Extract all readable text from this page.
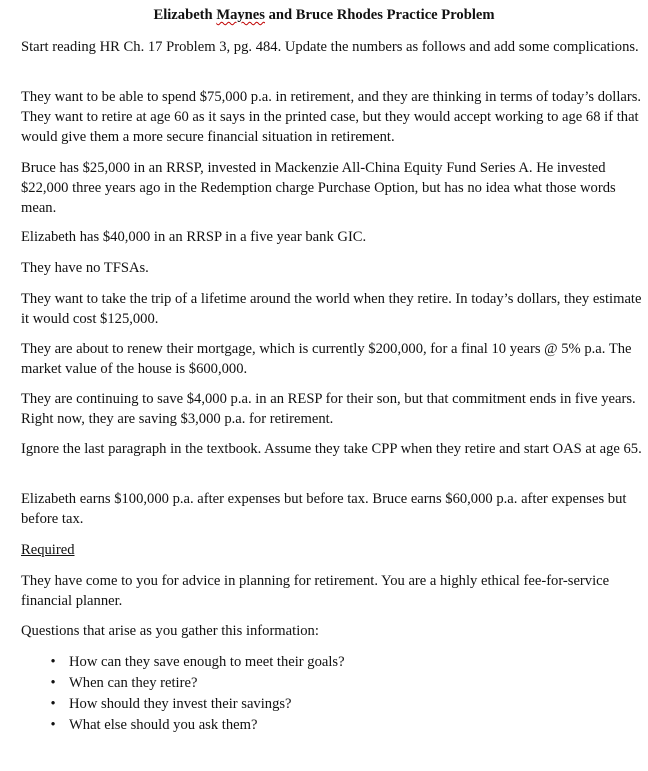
Elizabeth Maynes and Bruce Rhodes Practice Problem

Start reading HR Ch. 17 Problem 3, pg. 484. Update the numbers as follows and add some complications.

They want to be able to spend $75,000 p.a. in retirement, and they are thinking in terms of today’s dollars. They want to retire at age 60 as it says in the printed case, but they would accept working to age 68 if that would give them a more secure financial situation in retirement.

Bruce has $25,000 in an RRSP, invested in Mackenzie All-China Equity Fund Series A. He invested $22,000 three years ago in the Redemption charge Purchase Option, but has no idea what those words mean.

Elizabeth has $40,000 in an RRSP in a five year bank GIC.

They have no TFSAs.

They want to take the trip of a lifetime around the world when they retire. In today’s dollars, they estimate it would cost $125,000.

They are about to renew their mortgage, which is currently $200,000, for a final 10 years @ 5% p.a. The market value of the house is $600,000.

They are continuing to save $4,000 p.a. in an RESP for their son, but that commitment ends in five years. Right now, they are saving $3,000 p.a. for retirement.

Ignore the last paragraph in the textbook. Assume they take CPP when they retire and start OAS at age 65.

Elizabeth earns $100,000 p.a. after expenses but before tax. Bruce earns $60,000 p.a. after expenses but before tax.

Required

They have come to you for advice in planning for retirement. You are a highly ethical fee-for-service financial planner.

Questions that arise as you gather this information:

• How can they save enough to meet their goals?
• When can they retire?
• How should they invest their savings?
• What else should you ask them?
